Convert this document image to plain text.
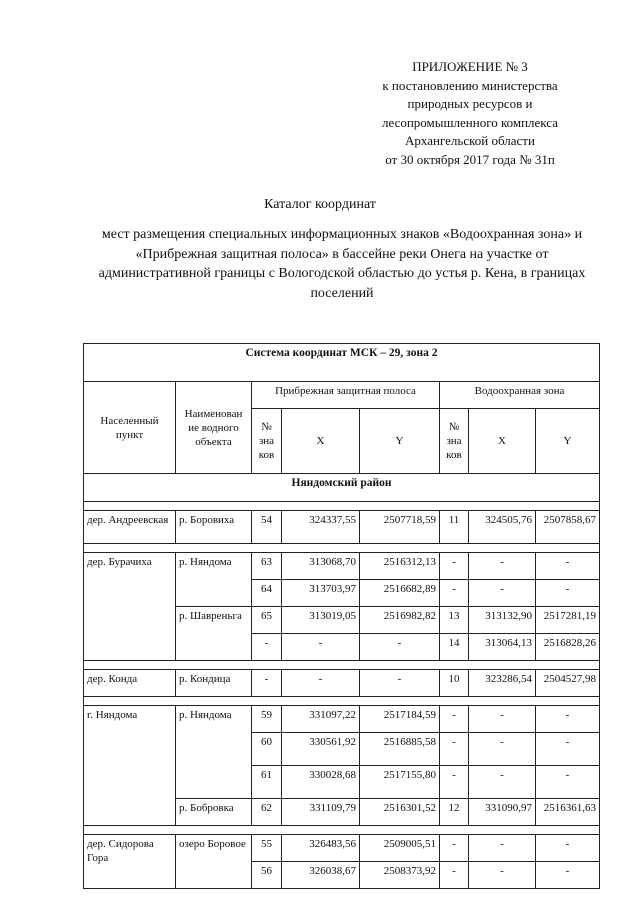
ПРИЛОЖЕНИЕ № 3
к постановлению министерства
природных ресурсов и
лесопромышленного комплекса
Архангельской области
от 30 октября 2017 года № 31п
Каталог координат
мест размещения специальных информационных знаков «Водоохранная зона» и «Прибрежная защитная полоса» в бассейне реки Онега на участке от административной границы с Вологодской областью до устья р. Кена, в границах поселений
Система координат МСК – 29, зона 2							
Населенный пункт	Наименован ие водного объекта	Прибрежная защитная полоса			Водоохранная зона		
		№ зна ков	X	Y	№ зна ков	X	Y
Няндомский район							

дер. Андреевская	р. Боровиха	54	324337,55	2507718,59	11	324505,76	2507858,67

дер. Бурачиха	р. Няндома	63	313068,70	2516312,13	-	-	-
		64	313703,97	2516682,89	-	-	-
	р. Шавреньга	65	313019,05	2516982,82	13	313132,90	2517281,19
		-	-	-	14	313064,13	2516828,26

дер. Конда	р. Кондица	-	-	-	10	323286,54	2504527,98

г. Няндома	р. Няндома	59	331097,22	2517184,59	-	-	-
		60	330561,92	2516885,58	-	-	-
		61	330028,68	2517155,80	-	-	-
	р. Бобровка	62	331109,79	2516301,52	12	331090,97	2516361,63

дер. Сидорова Гора	озеро Боровое	55	326483,56	2509005,51	-	-	-
		56	326038,67	2508373,92	-	-	-
